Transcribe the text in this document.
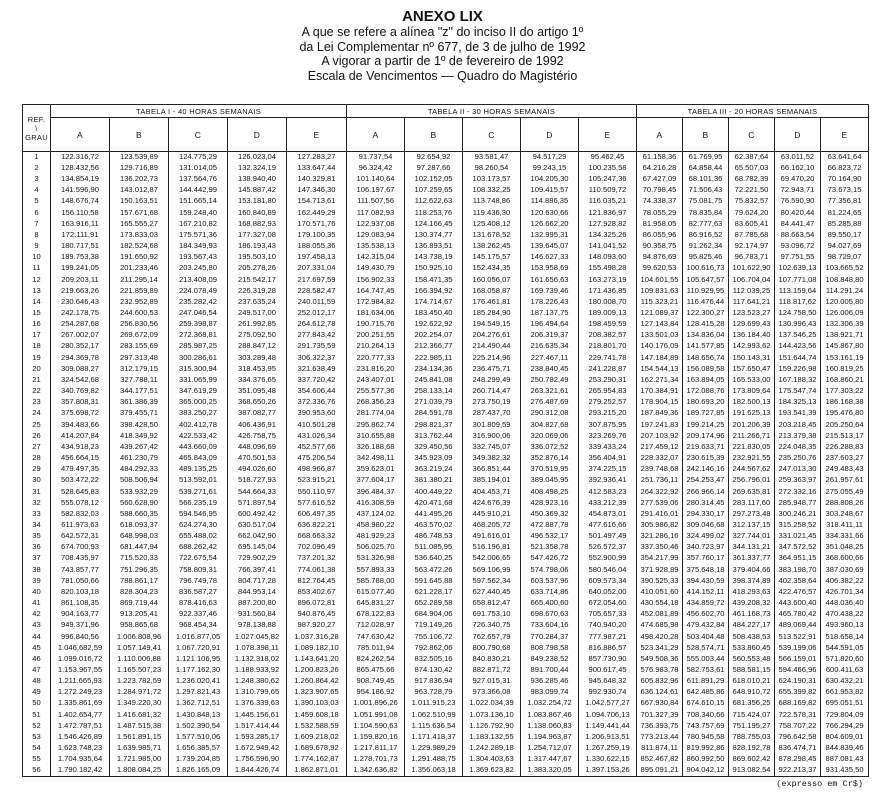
ANEXO LIX
A que se refere a alínea "z" do inciso II do artigo 1º
da Lei Complementar nº 677, de 3 de julho de 1992
A vigorar a partir de 1º de fevereiro de 1992
Escala de Vencimentos — Quadro do Magistério
REF.
\
GRAU	TABELA I - 40 HORAS SEMANAIS					TABELA II - 30 HORAS SEMANAIS					TABELA III - 20 HORAS SEMANAIS				
	A	B	C	D	E	A	B	C	D	E	A	B	C	D	E
1	122.316,72	123.539,89	124.775,29	126.023,04	127.283,27	91.737,54	92.654,92	93.581,47	94.517,29	95.462,45	61.158,36	61.769,95	62.387,64	63.011,52	63.641,64
2	128.432,56	129.716,89	131.014,05	132.324,19	133.647,44	96.324,42	97.287,66	98.260,54	99.243,15	100.235,58	64.216,28	64.858,44	65.507,03	66.162,10	66.823,72
3	134.854,19	136.202,73	137.564,76	138.940,40	140.329,81	101.140,64	102.152,05	103.173,57	104.205,30	105.247,36	67.427,09	68.101,36	68.782,39	69.470,20	70.164,90
4	141.596,90	143.012,87	144.442,99	145.887,42	147.346,30	106.197,67	107.259,65	108.332,25	109.415,57	110.509,72	70.798,45	71.506,43	72.221,50	72.943,71	73.673,15
5	148.676,74	150.163,51	151.665,14	153.181,80	154.713,61	111.507,56	112.622,63	113.748,86	114.886,35	116.035,21	74.338,37	75.081,75	75.832,57	76.590,90	77.356,81
6	156.110,58	157.671,68	159.248,40	160.840,89	162.449,29	117.082,93	118.253,76	119.436,30	120.630,66	121.836,97	78.055,29	78.835,84	79.624,20	80.420,44	81.224,65
7	163.916,11	165.555,27	167.210,82	168.882,93	170.571,76	122.937,08	124.166,45	125.408,12	126.662,20	127.928,82	81.958,05	82.777,63	83.605,41	84.441,47	85.285,88
8	172.111,91	173.833,03	175.571,36	177.327,08	179.100,35	129.083,94	130.374,77	131.678,52	132.995,31	134.325,26	86.055,96	86.916,52	87.785,68	88.663,54	89.550,17
9	180.717,51	182.524,68	184.349,93	186.193,43	188.055,36	135.538,13	136.893,51	138.262,45	139.645,07	141.041,52	90.358,75	91.262,34	92.174,97	93.096,72	94.027,69
10	189.753,38	191.650,92	193.567,43	195.503,10	197.458,13	142.315,04	143.738,19	145.175,57	146.627,33	148.093,60	94.876,69	95.825,46	96.783,71	97.751,55	98.729,07
11	199.241,05	201.233,46	203.245,80	205.278,26	207.331,04	149.430,79	150.925,10	152.434,35	153.958,69	155.498,28	99.620,53	100.616,73	101.622,90	102.639,13	103.665,52
12	209.203,11	211.295,14	213.408,09	215.542,17	217.697,59	156.902,33	158.471,35	160.056,07	161.656,63	163.273,19	104.601,55	105.647,57	106.704,04	107.771,08	108.848,80
13	219.663,26	221.859,89	224.078,49	226.319,28	228.582,47	164.747,45	166.394,92	168.058,87	169.739,46	171.436,85	109.831,63	110.929,95	112.039,25	113.159,64	114.291,24
14	230.646,43	232.952,89	235.282,42	237.635,24	240.011,59	172.984,82	174.714,67	176.461,81	178.226,43	180.008,70	115.323,21	116.476,44	117.641,21	118.817,62	120.005,80
15	242.178,75	244.600,53	247.046,54	249.517,00	252.012,17	181.634,06	183.450,40	185.284,90	187.137,75	189.009,13	121.089,37	122.300,27	123.523,27	124.758,50	126.006,09
16	254.287,68	256.830,56	259.398,87	261.992,85	264.612,78	190.715,76	192.622,92	194.549,15	196.494,64	198.459,59	127.143,84	128.415,28	129.699,43	130.996,43	132.306,39
17	267.002,07	269.672,09	272.368,81	275.092,50	277.843,42	200.251,55	202.254,07	204.276,61	206.319,37	208.382,57	133.501,03	134.836,04	136.184,40	137.546,25	138.921,71
18	280.352,17	283.155,69	285.987,25	288.847,12	291.735,59	210.264,13	212.366,77	214.490,44	216.635,34	218.801,70	140.176,09	141.577,85	142.993,62	144.423,56	145.867,80
19	294.369,78	297.313,48	300.286,61	303.289,48	306.322,37	220.777,33	222.985,11	225.214,96	227.467,11	229.741,78	147.184,89	148.656,74	150.143,31	151.644,74	153.161,19
20	309.088,27	312.179,15	315.300,94	318.453,95	321.638,49	231.816,20	234.134,36	236.475,71	238.840,45	241.228,87	154.544,13	156.089,58	157.650,47	159.226,98	160.819,25
21	324.542,68	327.788,11	331.065,99	334.376,65	337.720,42	243.407,01	245.841,08	248.299,49	250.782,49	253.290,31	162.271,34	163.894,05	165.533,00	167.188,32	168.860,21
22	340.769,82	344.177,51	347.619,29	351.095,48	354.606,44	255.577,36	258.133,14	260.714,47	263.321,61	265.954,83	170.384,91	172.088,76	173.809,64	175.547,74	177.303,22
23	357.808,31	361.386,39	365.000,25	368.650,26	372.336,76	268.356,23	271.039,79	273.750,19	276.487,69	279.252,57	178.904,15	180.693,20	182.500,13	184.325,13	186.168,38
24	375.698,72	379.455,71	383.250,27	387.082,77	390.953,60	281.774,04	284.591,78	287.437,70	290.312,08	293.215,20	187.849,36	189.727,85	191.625,13	193.541,39	195.476,80
25	394.483,66	398.428,50	402.412,78	406.436,91	410.501,28	295.862,74	298.821,37	301.809,59	304.827,68	307.875,95	197.241,83	199.214,25	201.206,39	203.218,45	205.250,64
26	414.207,84	418.349,92	422.533,42	426.758,75	431.026,34	310.655,88	313.762,44	316.900,06	320.069,06	323.269,76	207.103,92	209.174,96	211.266,71	213.379,38	215.513,17
27	434.918,23	439.267,42	443.660,09	448.096,69	452.577,66	326.188,68	329.450,56	332.745,07	336.072,52	339.433,24	217.459,12	219.633,71	221.830,05	224.048,35	226.288,83
28	456.664,15	461.230,79	465.843,09	470.501,53	475.206,54	342.498,11	345.923,09	349.382,32	352.876,14	356.404,91	228.332,07	230.615,39	232.921,55	235.250,76	237.603,27
29	479.497,35	484.292,33	489.135,25	494.026,60	498.966,87	359.623,01	363.219,24	366.851,44	370.519,95	374.225,15	239.748,68	242.146,16	244.567,62	247.013,30	249.483,43
30	503.472,22	508.506,94	513.592,01	518.727,93	523.915,21	377.604,17	381.380,21	385.194,01	389.045,95	392.936,41	251.736,11	254.253,47	256.796,01	259.363,97	261.957,61
31	528.645,83	533.932,29	539.271,61	544.664,33	550.110,97	396.484,37	400.449,22	404.453,71	408.498,25	412.583,23	264.322,92	266.966,14	269.635,81	272.332,16	275.055,49
32	555.078,12	560.628,90	566.235,19	571.897,54	577.616,52	416.308,59	420.471,68	424.676,39	428.923,16	433.212,39	277.539,06	280.314,45	283.117,60	285.948,77	288.808,26
33	582.832,03	588.660,35	594.546,95	600.492,42	606.497,35	437.124,02	441.495,26	445.910,21	450.369,32	454.873,01	291.416,01	294.330,17	297.273,48	300.246,21	303.248,67
34	611.973,63	618.093,37	624.274,30	630.517,04	636.822,21	458.980,22	463.570,02	468.205,72	472.887,78	477.616,66	305.986,82	309.046,68	312.137,15	315.258,52	318.411,11
35	642.572,31	648.998,03	655.488,02	662.042,90	668.663,32	481.929,23	486.748,53	491.616,01	496.532,17	501.497,49	321.286,16	324.499,02	327.744,01	331.021,45	334.331,66
36	674.700,93	681.447,94	688.262,42	695.145,04	702.096,49	506.025,70	511.085,95	516.196,81	521.358,78	526.572,37	337.350,46	340.723,97	344.131,21	347.572,52	351.048,25
37	708.435,97	715.520,33	722.675,54	729.902,29	737.201,32	531.326,98	536.640,25	542.006,65	547.426,72	552.900,99	354.217,99	357.760,17	361.337,77	364.951,15	368.600,66
38	743.857,77	751.296,35	758.809,31	766.397,41	774.061,38	557.893,33	563.472,26	569.106,99	574.798,06	580.546,04	371.928,89	375.648,18	379.404,66	383.198,70	387.030,69
39	781.050,66	788.861,17	796.749,78	804.717,28	812.764,45	585.788,00	591.645,88	597.562,34	603.537,96	609.573,34	390.525,33	394.430,59	398.374,89	402.358,64	406.382,22
40	820.103,18	828.304,23	836.587,27	844.953,14	853.402,67	615.077,40	621.228,17	627.440,45	633.714,86	640.052,00	410.051,60	414.152,11	418.293,63	422.476,57	426.701,34
41	861.108,35	869.719,44	878.416,63	887.200,80	896.072,81	645.831,27	652.289,58	658.812,47	665.400,60	672.054,60	430.554,18	434.859,72	439.208,32	443.600,40	448.036,40
42	904.163,77	913.205,41	922.337,46	931.560,84	940.876,45	678.122,83	684.904,06	691.753,10	698.670,63	705.657,33	452.081,89	456.602,70	461.168,73	465.780,42	470.438,22
43	949.371,96	958.865,68	968.454,34	978.138,88	987.920,27	712.028,97	719.149,26	726.340,75	733.604,16	740.940,20	474.685,98	479.432,84	484.227,17	489.069,44	493.960,13
44	996.840,56	1.006.808,96	1.016.877,05	1.027.045,82	1.037.316,28	747.630,42	755.106,72	762.657,79	770.284,37	777.987,21	498.420,28	503.404,48	508.438,53	513.522,91	518.658,14
45	1.046.682,59	1.057.149,41	1.067.720,91	1.078.398,11	1.089.182,10	785.011,94	792.862,06	800.790,68	808.798,58	816.886,57	523.341,29	528.574,71	533.860,45	539.199,06	544.591,05
46	1.099.016,72	1.110.006,88	1.121.106,95	1.132.318,02	1.143.641,20	824.262,54	832.505,16	840.830,21	849.238,52	857.730,90	549.508,36	555.003,44	560.553,48	566.159,01	571.820,60
47	1.153.967,55	1.165.507,23	1.177.162,30	1.188.933,92	1.200.823,26	865.475,66	874.130,42	882.871,72	891.700,44	900.617,45	576.983,78	582.753,61	588.581,15	594.466,96	600.411,63
48	1.211.665,93	1.223.782,59	1.236.020,41	1.248.380,62	1.260.864,42	908.749,45	917.836,94	927.015,31	936.285,46	945.648,32	605.832,96	611.891,29	618.010,21	624.190,31	630.432,21
49	1.272.249,23	1.284.971,72	1.297.821,43	1.310.799,65	1.323.907,65	954.186,92	963.728,79	973.366,08	983.099,74	992.930,74	636.124,61	642.485,86	648.910,72	655.399,82	661.953,82
50	1.335.861,69	1.349.220,30	1.362.712,51	1.376.339,63	1.390.103,03	1.001.896,26	1.011.915,23	1.022.034,39	1.032.254,72	1.042.577,27	667.930,84	674.610,15	681.356,25	688.169,82	695.051,51
51	1.402.654,77	1.416.681,32	1.430.848,13	1.445.156,61	1.459.608,18	1.051.991,08	1.062.510,99	1.073.136,10	1.083.867,46	1.094.706,13	701.327,39	708.340,66	715.424,07	722.578,31	729.804,09
52	1.472.787,51	1.487.515,38	1.502.390,54	1.517.414,44	1.532.588,59	1.104.590,63	1.115.636,54	1.126.792,90	1.138.060,83	1.149.441,44	736.393,75	743.757,69	751.195,27	758.707,22	766.294,29
53	1.546.426,89	1.561.891,15	1.577.510,06	1.593.285,17	1.609.218,02	1.159.820,16	1.171.418,37	1.183.132,55	1.194.963,87	1.206.913,51	773.213,44	780.945,58	788.755,03	796.642,58	804.609,01
54	1.623.748,23	1.639.985,71	1.656.385,57	1.672.949,42	1.689.678,92	1.217.811,17	1.229.989,29	1.242.289,18	1.254.712,07	1.267.259,19	811.874,11	819.992,86	828.192,78	836.474,71	844.839,46
55	1.704.935,64	1.721.985,00	1.739.204,85	1.756.596,90	1.774.162,87	1.278.701,73	1.291.488,75	1.304.403,63	1.317.447,67	1.330.622,15	852.467,82	860.992,50	869.602,42	878.298,45	887.081,43
56	1.790.182,42	1.808.084,25	1.826.165,09	1.844.426,74	1.862.871,01	1.342.636,82	1.356.063,18	1.369.623,82	1.383.320,05	1.397.153,26	895.091,21	904.042,12	913.082,54	922.213,37	931.435,50
(expresso em Cr$)
